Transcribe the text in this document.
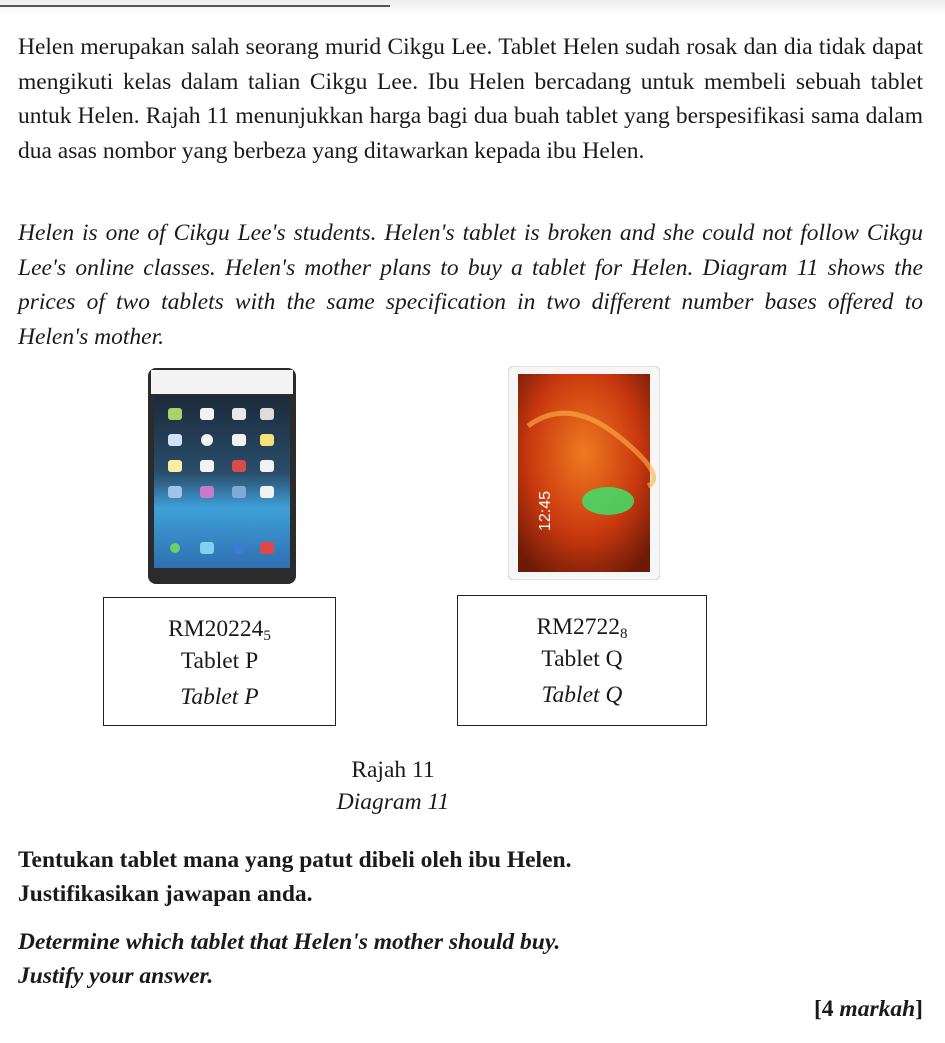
Helen merupakan salah seorang murid Cikgu Lee. Tablet Helen sudah rosak dan dia tidak dapat mengikuti kelas dalam talian Cikgu Lee. Ibu Helen bercadang untuk membeli sebuah tablet untuk Helen. Rajah 11 menunjukkan harga bagi dua buah tablet yang berspesifikasi sama dalam dua asas nombor yang berbeza yang ditawarkan kepada ibu Helen.
Helen is one of Cikgu Lee's students. Helen's tablet is broken and she could not follow Cikgu Lee's online classes. Helen's mother plans to buy a tablet for Helen. Diagram 11 shows the prices of two tablets with the same specification in two different number bases offered to Helen's mother.
12:45
$RM20224_5$
Tablet P
Tablet P
$RM2722_8$
Tablet Q
Tablet Q
Rajah 11
Diagram 11
Tentukan tablet mana yang patut dibeli oleh ibu Helen.
Justifikasikan jawapan anda.
Determine which tablet that Helen's mother should buy.
Justify your answer.
[4 markah]
